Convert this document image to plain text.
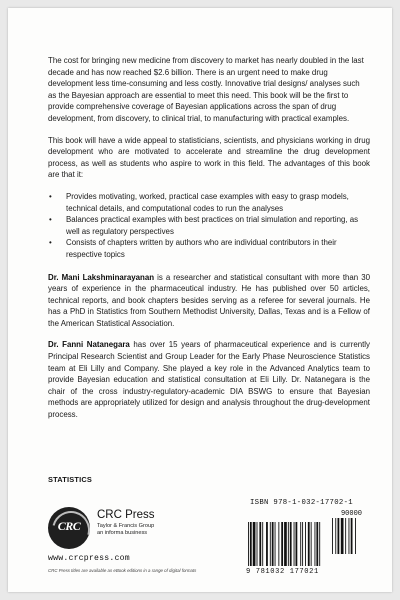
The cost for bringing new medicine from discovery to market has nearly doubled in the last decade and has now reached $2.6 billion. There is an urgent need to make drug development less time-consuming and less costly. Innovative trial designs/ analyses such as the Bayesian approach are essential to meet this need. This book will be the first to provide comprehensive coverage of Bayesian applications across the span of drug development, from discovery, to clinical trial, to manufacturing with practical examples.

This book will have a wide appeal to statisticians, scientists, and physicians working in drug development who are motivated to accelerate and streamline the drug development process, as well as students who aspire to work in this field. The advantages of this book are that it:

• Provides motivating, worked, practical case examples with easy to grasp models, technical details, and computational codes to run the analyses
• Balances practical examples with best practices on trial simulation and reporting, as well as regulatory perspectives
• Consists of chapters written by authors who are individual contributors in their respective topics

Dr. Mani Lakshminarayanan is a researcher and statistical consultant with more than 30 years of experience in the pharmaceutical industry. He has published over 50 articles, technical reports, and book chapters besides serving as a referee for several journals. He has a PhD in Statistics from Southern Methodist University, Dallas, Texas and is a Fellow of the American Statistical Association.

Dr. Fanni Natanegara has over 15 years of pharmaceutical experience and is currently Principal Research Scientist and Group Leader for the Early Phase Neuroscience Statistics team at Eli Lilly and Company. She played a key role in the Advanced Analytics team to provide Bayesian education and statistical consultation at Eli Lilly. Dr. Natanegara is the chair of the cross industry-regulatory-academic DIA BSWG to ensure that Bayesian methods are appropriately utilized for design and analysis throughout the drug-development process.

STATISTICS
CRC
CRC Press
Taylor & Francis Group
an informa business
www.crcpress.com
CRC Press titles are available as eBook editions in a range of digital formats
ISBN 978-1-032-17702-1
90000
9 781032 177021
